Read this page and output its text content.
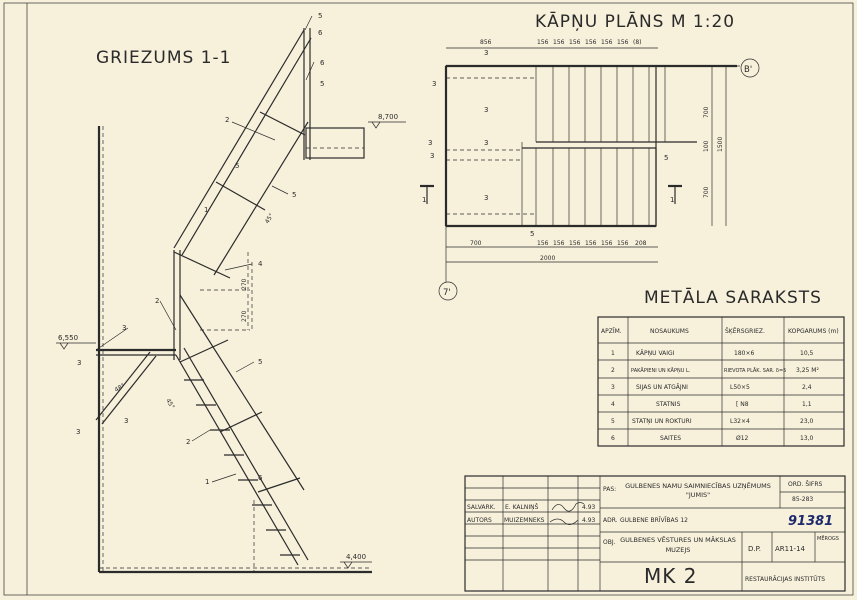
GRIEZUMS 1-1
8,700
6,550
4,400
45°
48°
45°
270
270
5
6
6
5
2
5
5
1
4
2
3
3	5
2
6
1
3
3
KĀPŅU PLĀNS M 1:20
B'
7'
1	1
856	156 156 156 156 156 156 (8)
700	156 156 156 156 156 156 208
2000
700
100 1500
700
3
3
3
3
3
3
3
5
5
METĀLA SARAKSTS
APZĪM.	NOSAUKUMS	ŠĶĒRSGRIEZ.	KOPGARUMS (m)
1	KĀPŅU VAIGI	180×6	10,5
2	PAKĀPIENI UN KĀPŅU L.	RIEVOTA PLĀK. SAR. δ=5 3,25 M²
3	SIJAS UN ATGĀJNI	L50×5	2,4
4	STATNIS	[ N8	1,1
5	STATŅI UN ROKTURI	L32×4	23,0
6	SAITES	Ø12	13,0
SALVARK. E. KALNIŅŠ	4.93
AUTORS MUIZEMNEKS	4.93
PAS:	GULBENES NAMU SAIMNIECĪBAS UZŅĒMUMS "JUMIS"
ORD. ŠIFRS
85-283
ADR. GULBENE BRĪVĪBAS 12	91381
OBJ. GULBENES VĒSTURES UN MĀKSLAS MUZEJS	D.P. AR11-14
MĒROGS
MK 2	RESTAURĀCIJAS INSTITŪTS
